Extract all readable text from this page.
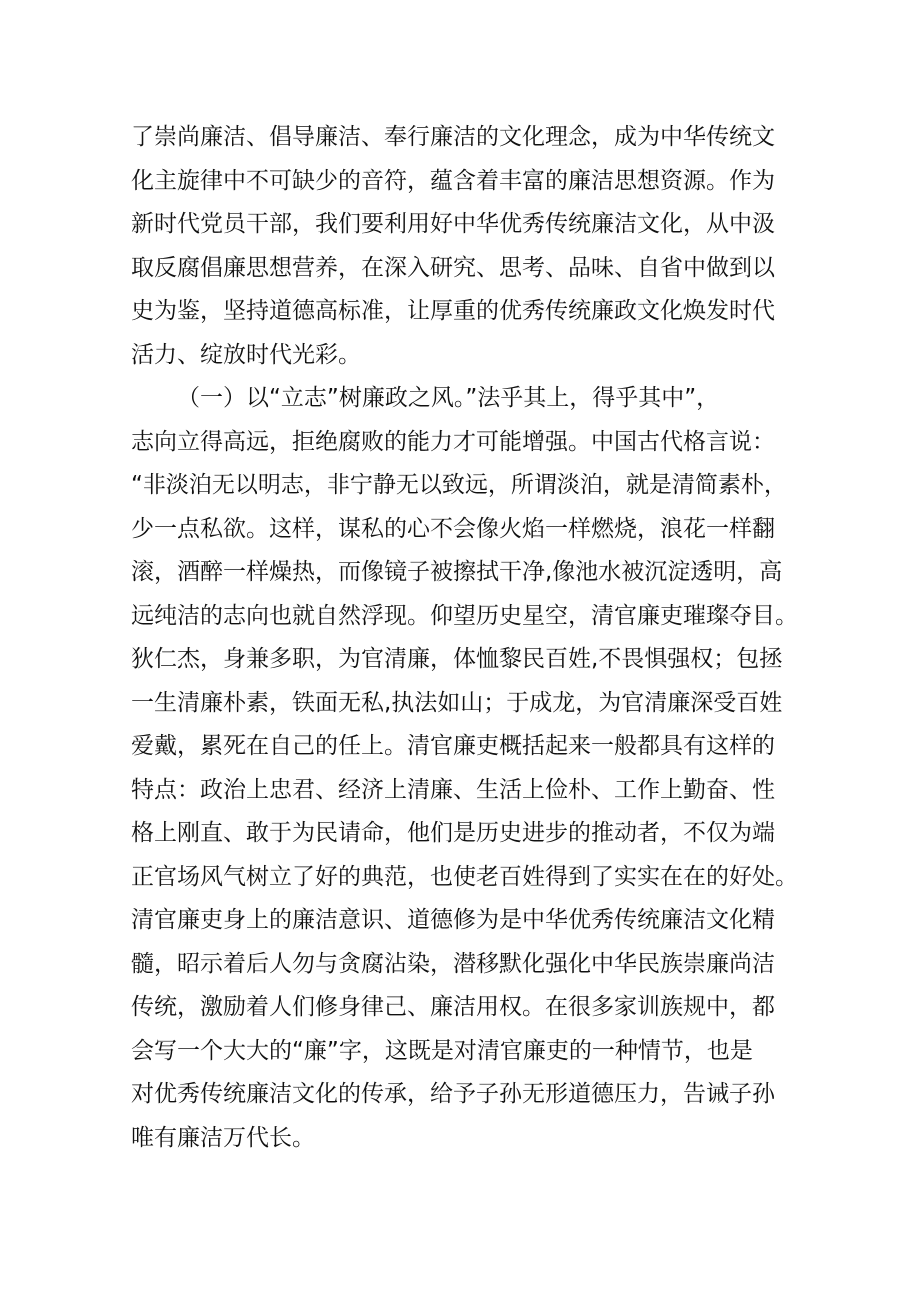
了崇尚廉洁、倡导廉洁、奉行廉洁的文化理念，成为中华传统文
化主旋律中不可缺少的音符，蕴含着丰富的廉洁思想资源。作为
新时代党员干部，我们要利用好中华优秀传统廉洁文化，从中汲
取反腐倡廉思想营养，在深入研究、思考、品味、自省中做到以
史为鉴，坚持道德高标准，让厚重的优秀传统廉政文化焕发时代
活力、绽放时代光彩。
（一）以“立志”树廉政之风。”法乎其上，得乎其中”，
志向立得高远，拒绝腐败的能力才可能增强。中国古代格言说：
“非淡泊无以明志，非宁静无以致远，所谓淡泊，就是清简素朴，
少一点私欲。这样，谋私的心不会像火焰一样燃烧，浪花一样翻
滚，酒醉一样燥热，而像镜子被擦拭干净,像池水被沉淀透明，高
远纯洁的志向也就自然浮现。仰望历史星空，清官廉吏璀璨夺目。
狄仁杰，身兼多职，为官清廉，体恤黎民百姓,不畏惧强权；包拯
一生清廉朴素，铁面无私,执法如山；于成龙，为官清廉深受百姓
爱戴，累死在自己的任上。清官廉吏概括起来一般都具有这样的
特点：政治上忠君、经济上清廉、生活上俭朴、工作上勤奋、性
格上刚直、敢于为民请命，他们是历史进步的推动者，不仅为端
正官场风气树立了好的典范，也使老百姓得到了实实在在的好处。
清官廉吏身上的廉洁意识、道德修为是中华优秀传统廉洁文化精
髓，昭示着后人勿与贪腐沾染，潜移默化强化中华民族崇廉尚洁
传统，激励着人们修身律己、廉洁用权。在很多家训族规中，都
会写一个大大的“廉”字，这既是对清官廉吏的一种情节，也是
对优秀传统廉洁文化的传承，给予子孙无形道德压力，告诫子孙
唯有廉洁万代长。
